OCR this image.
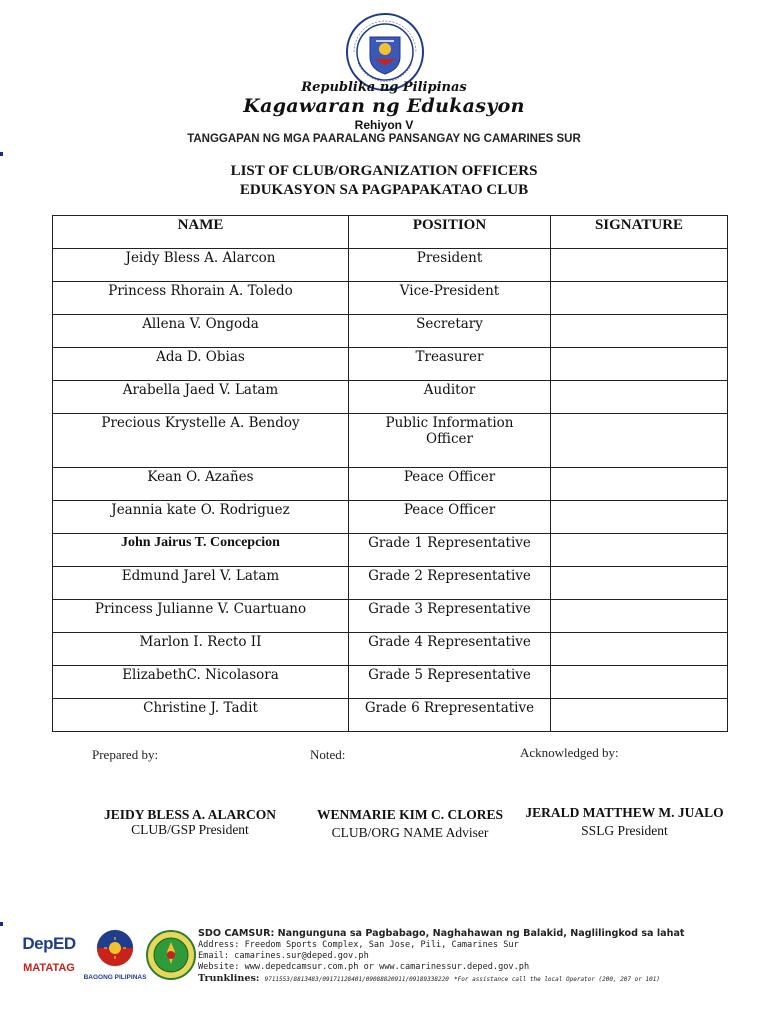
Republika ng Pilipinas
Kagawaran ng Edukasyon
Rehiyon V
TANGGAPAN NG MGA PAARALANG PANSANGAY NG CAMARINES SUR
LIST OF CLUB/ORGANIZATION OFFICERS
EDUKASYON SA PAGPAPAKATAO CLUB
NAME	POSITION	SIGNATURE
Jeidy Bless A. Alarcon	President	
Princess Rhorain A. Toledo	Vice-President	
Allena V. Ongoda	Secretary	
Ada D. Obias	Treasurer	
Arabella Jaed V. Latam	Auditor	
Precious Krystelle A. Bendoy	Public Information Officer	
Kean O. Azañes	Peace Officer	
Jeannia kate O. Rodriguez	Peace Officer	
John Jairus T. Concepcion	Grade 1 Representative	
Edmund Jarel V. Latam	Grade 2 Representative	
Princess Julianne V. Cuartuano	Grade 3 Representative	
Marlon I. Recto II	Grade 4 Representative	
ElizabethC. Nicolasora	Grade 5 Representative	
Christine J. Tadit	Grade 6 Rrepresentative	
Prepared by:	Noted:	Acknowledged by:
JEIDY BLESS A. ALARCON
CLUB/GSP President
WENMARIE KIM C. CLORES
CLUB/ORG NAME Adviser
JERALD MATTHEW M. JUALO
SSLG President
DepED
MATATAG
BAGONG PILIPINAS
SDO CAMSUR: Nangunguna sa Pagbabago, Naghahawan ng Balakid, Naglilingkod sa lahat
Address: Freedom Sports Complex, San Jose, Pili, Camarines Sur
Email: camarines.sur@deped.gov.ph
Website: www.depedcamsur.com.ph or www.camarinessur.deped.gov.ph
Trunklines: 9711553/8813483/09171128401/09088820911/09189338220 *For assistance call the local Operator (200, 207 or 101)
